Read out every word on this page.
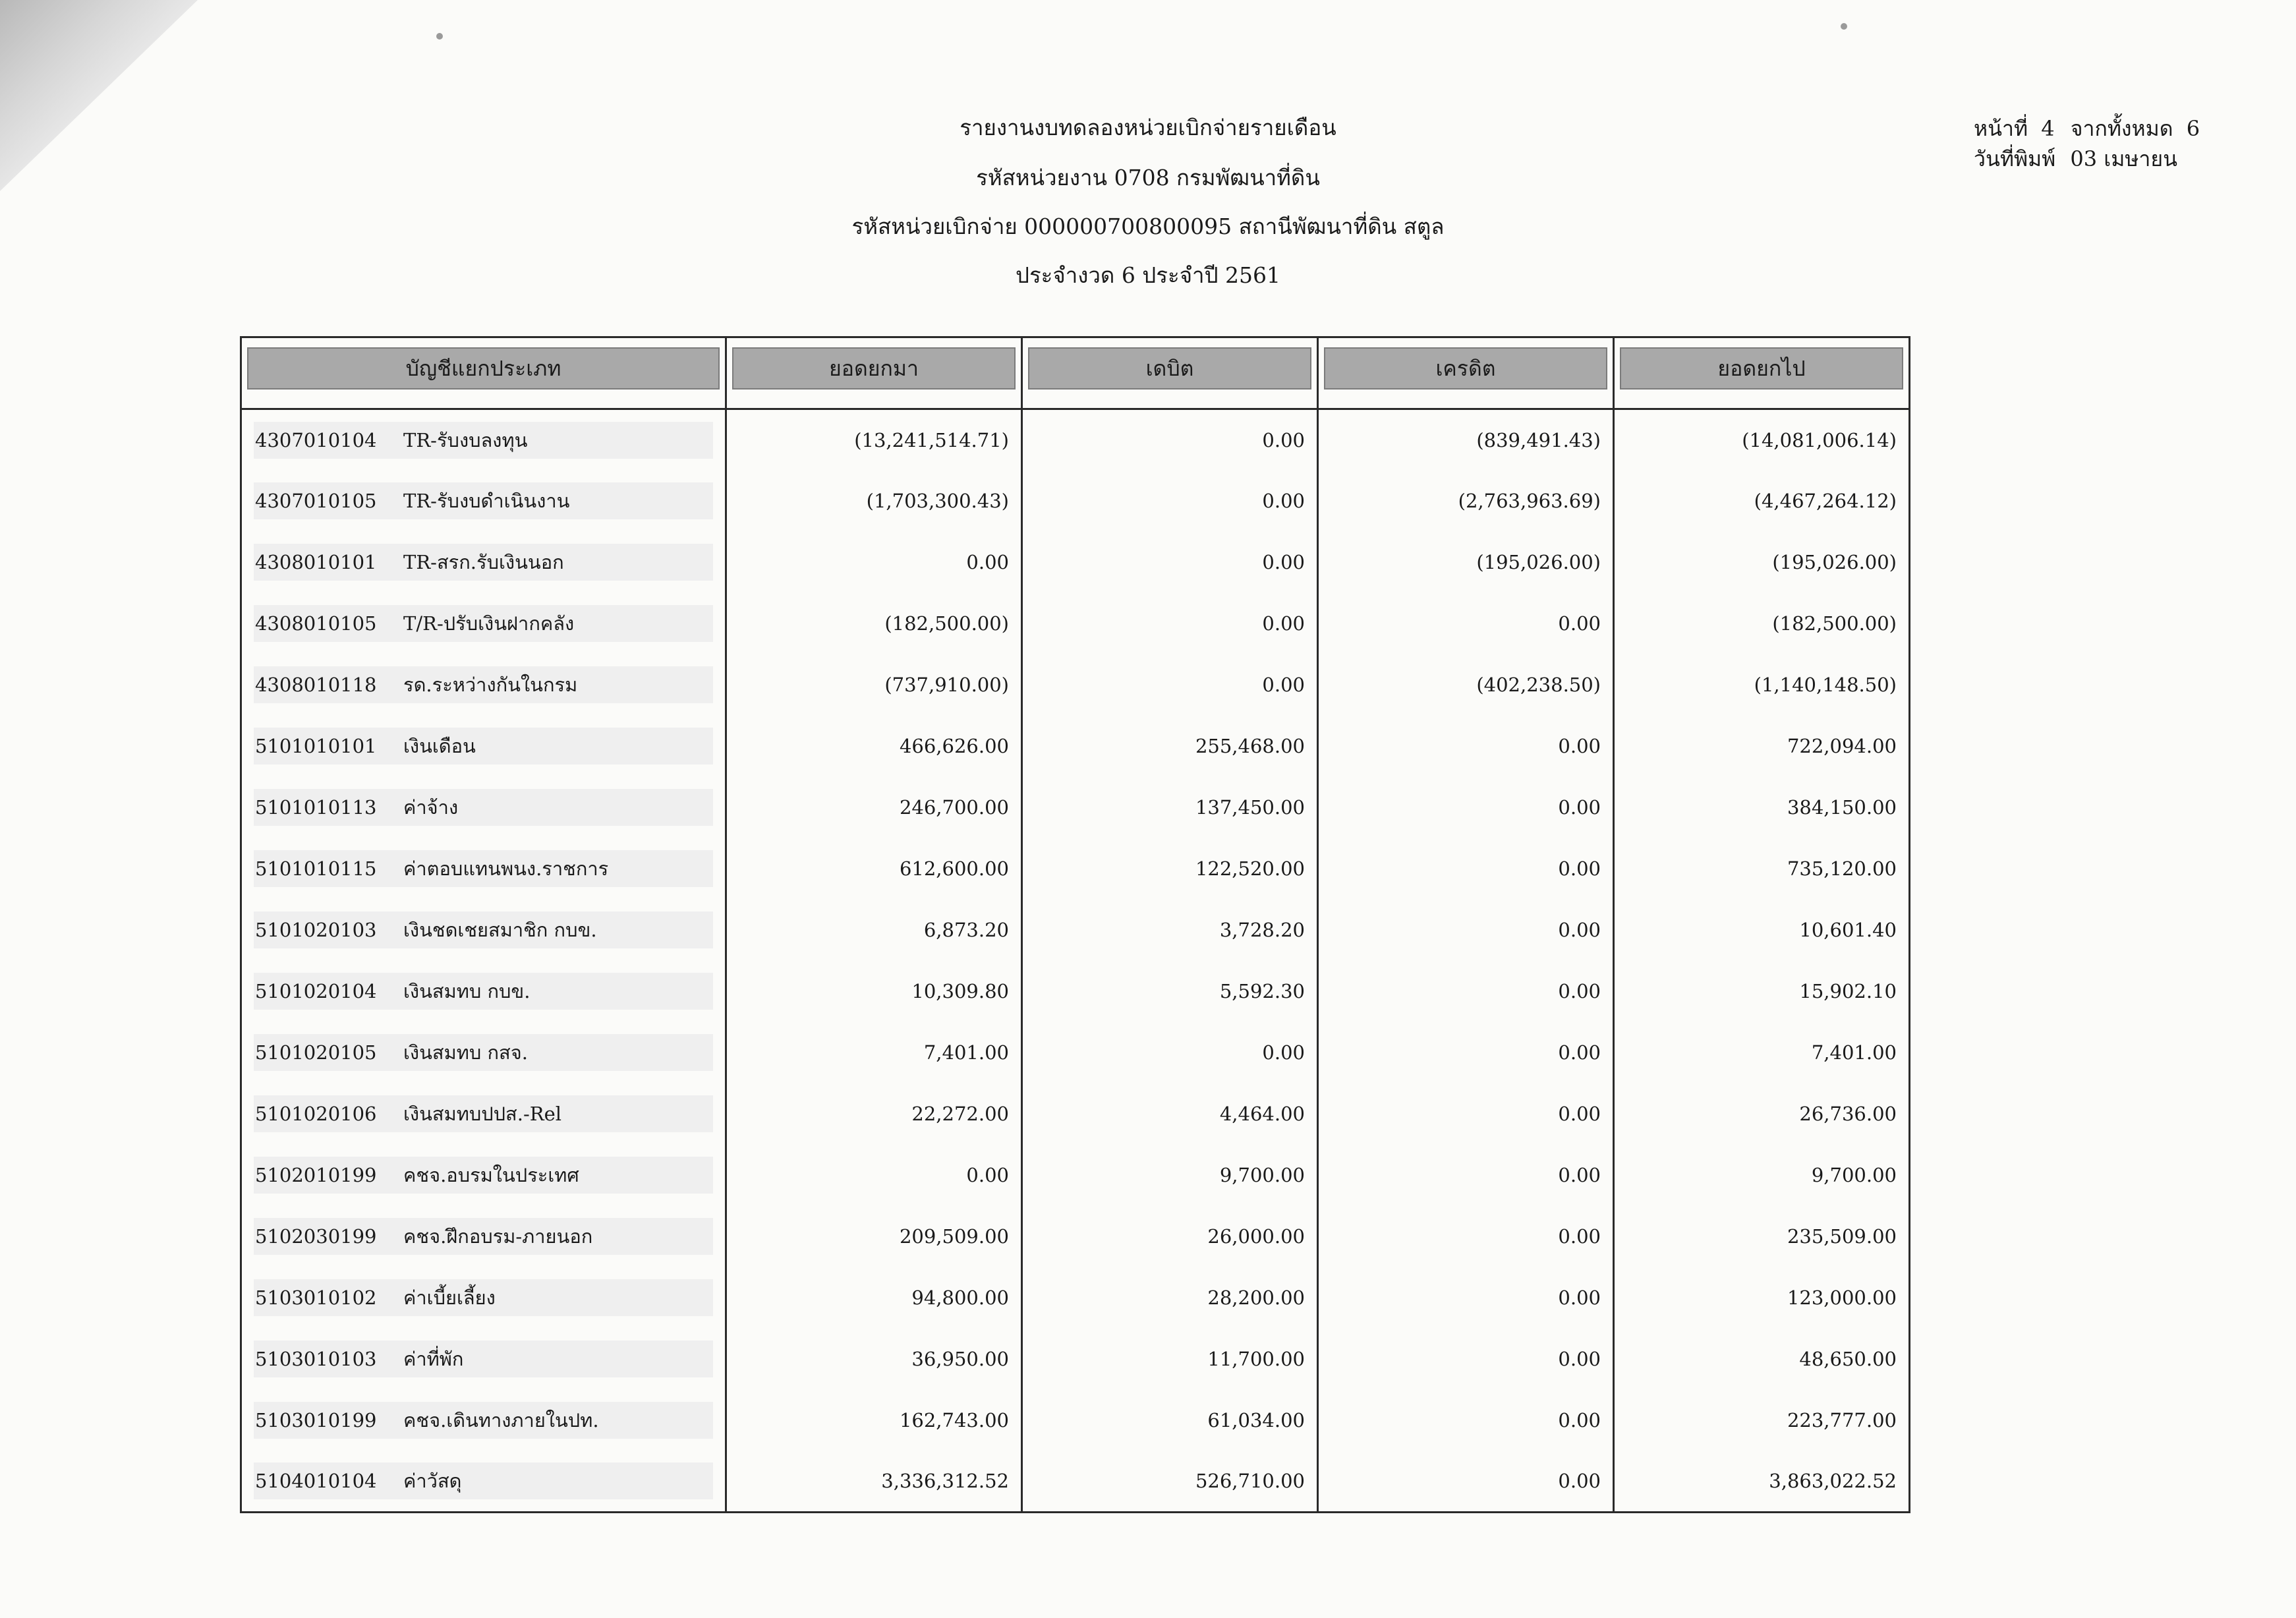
รายงานงบทดลองหน่วยเบิกจ่ายรายเดือน
รหัสหน่วยงาน 0708 กรมพัฒนาที่ดิน
รหัสหน่วยเบิกจ่าย 000000700800095 สถานีพัฒนาที่ดิน สตูล
ประจำงวด 6 ประจำปี 2561
หน้าที่ 4 จากทั้งหมด 6
วันที่พิมพ์ 03 เมษายน
บัญชีแยกประเภท	ยอดยกมา	เดบิต	เครดิต	ยอดยกไป

4307010104 TR-รับงบลงทุน	(13,241,514.71)	0.00	(839,491.43)	(14,081,006.14)

4307010105 TR-รับงบดำเนินงาน	(1,703,300.43)	0.00	(2,763,963.69)	(4,467,264.12)

4308010101 TR-สรก.รับเงินนอก	0.00	0.00	(195,026.00)	(195,026.00)

4308010105 T/R-ปรับเงินฝากคลัง	(182,500.00)	0.00	0.00	(182,500.00)

4308010118 รด.ระหว่างกันในกรม	(737,910.00)	0.00	(402,238.50)	(1,140,148.50)

5101010101 เงินเดือน	466,626.00	255,468.00	0.00	722,094.00

5101010113 ค่าจ้าง	246,700.00	137,450.00	0.00	384,150.00

5101010115 ค่าตอบแทนพนง.ราชการ	612,600.00	122,520.00	0.00	735,120.00

5101020103 เงินชดเชยสมาชิก กบข.	6,873.20	3,728.20	0.00	10,601.40

5101020104 เงินสมทบ กบข.	10,309.80	5,592.30	0.00	15,902.10

5101020105 เงินสมทบ กสจ.	7,401.00	0.00	0.00	7,401.00

5101020106 เงินสมทบปปส.-Rel	22,272.00	4,464.00	0.00	26,736.00

5102010199 คชจ.อบรมในประเทศ	0.00	9,700.00	0.00	9,700.00

5102030199 คชจ.ฝึกอบรม-ภายนอก	209,509.00	26,000.00	0.00	235,509.00

5103010102 ค่าเบี้ยเลี้ยง	94,800.00	28,200.00	0.00	123,000.00

5103010103 ค่าที่พัก	36,950.00	11,700.00	0.00	48,650.00

5103010199 คชจ.เดินทางภายในปท.	162,743.00	61,034.00	0.00	223,777.00

5104010104 ค่าวัสดุ	3,336,312.52	526,710.00	0.00	3,863,022.52
